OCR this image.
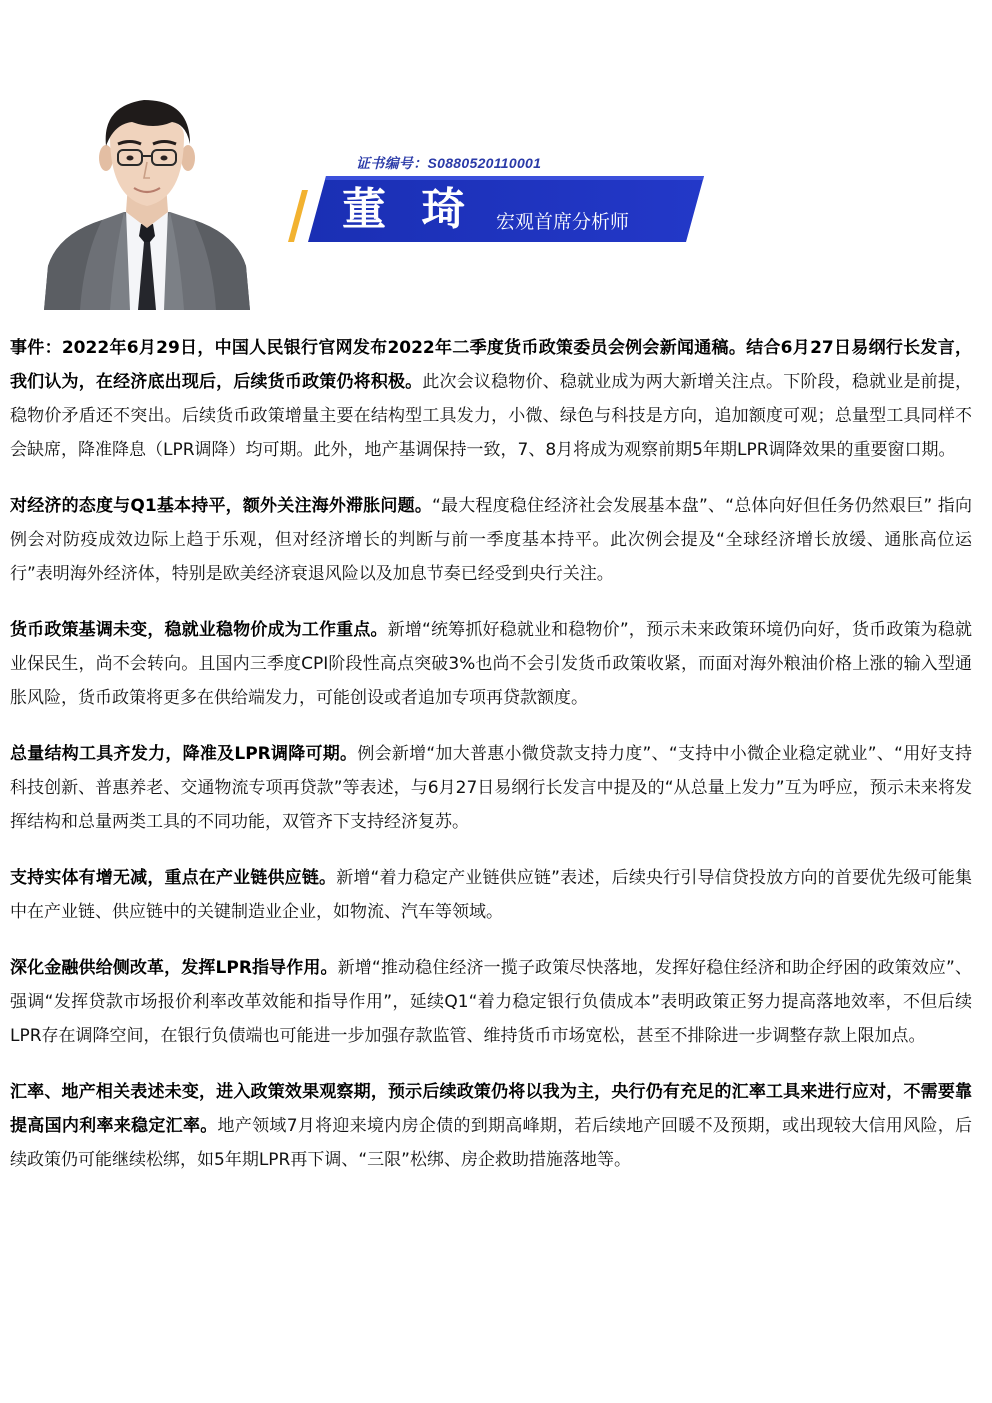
证书编号：S0880520110001
董 琦 宏观首席分析师

事件：2022年6月29日，中国人民银行官网发布2022年二季度货币政策委员会例会新闻通稿。结合6月27日易纲行长发言，我们认为，在经济底出现后，后续货币政策仍将积极。此次会议稳物价、稳就业成为两大新增关注点。下阶段，稳就业是前提，稳物价矛盾还不突出。后续货币政策增量主要在结构型工具发力，小微、绿色与科技是方向，追加额度可观；总量型工具同样不会缺席，降准降息（LPR调降）均可期。此外，地产基调保持一致，7、8月将成为观察前期5年期LPR调降效果的重要窗口期。

对经济的态度与Q1基本持平，额外关注海外滞胀问题。“最大程度稳住经济社会发展基本盘”、“总体向好但任务仍然艰巨” 指向例会对防疫成效边际上趋于乐观，但对经济增长的判断与前一季度基本持平。此次例会提及“全球经济增长放缓、通胀高位运行”表明海外经济体，特别是欧美经济衰退风险以及加息节奏已经受到央行关注。

货币政策基调未变，稳就业稳物价成为工作重点。新增“统筹抓好稳就业和稳物价”，预示未来政策环境仍向好，货币政策为稳就业保民生，尚不会转向。且国内三季度CPI阶段性高点突破3%也尚不会引发货币政策收紧，而面对海外粮油价格上涨的输入型通胀风险，货币政策将更多在供给端发力，可能创设或者追加专项再贷款额度。

总量结构工具齐发力，降准及LPR调降可期。例会新增“加大普惠小微贷款支持力度”、“支持中小微企业稳定就业”、“用好支持科技创新、普惠养老、交通物流专项再贷款”等表述，与6月27日易纲行长发言中提及的“从总量上发力”互为呼应，预示未来将发挥结构和总量两类工具的不同功能，双管齐下支持经济复苏。

支持实体有增无减，重点在产业链供应链。新增“着力稳定产业链供应链”表述，后续央行引导信贷投放方向的首要优先级可能集中在产业链、供应链中的关键制造业企业，如物流、汽车等领域。

深化金融供给侧改革，发挥LPR指导作用。新增“推动稳住经济一揽子政策尽快落地，发挥好稳住经济和助企纾困的政策效应”、强调“发挥贷款市场报价利率改革效能和指导作用”，延续Q1“着力稳定银行负债成本”表明政策正努力提高落地效率，不但后续LPR存在调降空间，在银行负债端也可能进一步加强存款监管、维持货币市场宽松，甚至不排除进一步调整存款上限加点。

汇率、地产相关表述未变，进入政策效果观察期，预示后续政策仍将以我为主，央行仍有充足的汇率工具来进行应对，不需要靠提高国内利率来稳定汇率。地产领域7月将迎来境内房企债的到期高峰期，若后续地产回暖不及预期，或出现较大信用风险，后续政策仍可能继续松绑，如5年期LPR再下调、“三限”松绑、房企救助措施落地等。
